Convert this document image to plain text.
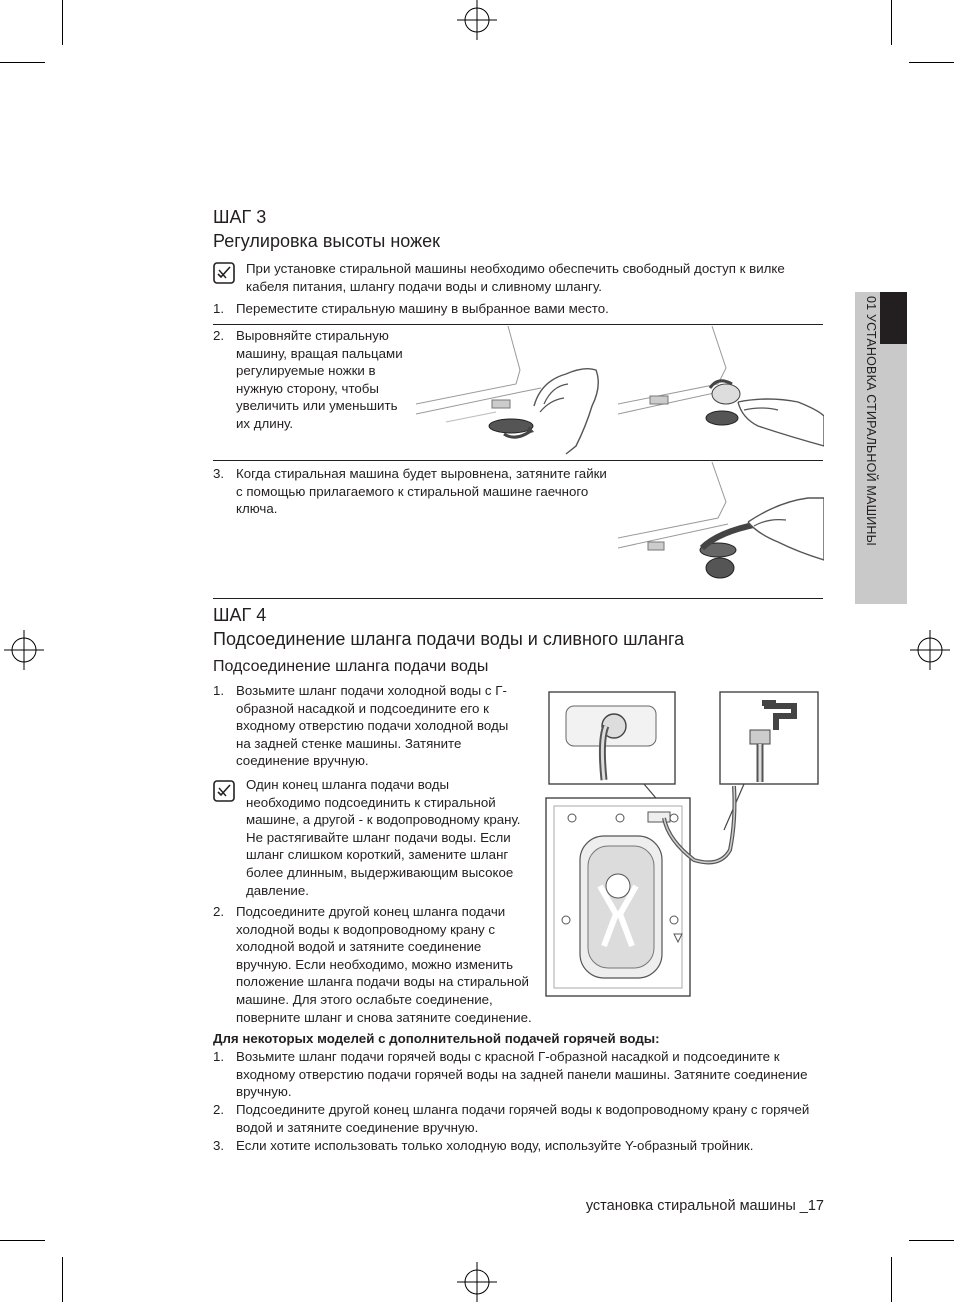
01 УСТАНОВКА СТИРАЛЬНОЙ МАШИНЫ
ШАГ 3
Регулировка высоты ножек
При установке стиральной машины необходимо обеспечить свободный доступ к вилке кабеля питания, шлангу подачи воды и сливному шлангу.
1. Переместите стиральную машину в выбранное вами место.
2. Выровняйте стиральную машину, вращая пальцами регулируемые ножки в нужную сторону, чтобы увеличить или уменьшить их длину.
3. Когда стиральная машина будет выровнена, затяните гайки с помощью прилагаемого к стиральной машине гаечного ключа.
ШАГ 4
Подсоединение шланга подачи воды и сливного шланга
Подсоединение шланга подачи воды
1. Возьмите шланг подачи холодной воды с Г-образной насадкой и подсоедините его к входному отверстию подачи холодной воды на задней стенке машины. Затяните соединение вручную.
Один конец шланга подачи воды необходимо подсоединить к стиральной машине, а другой - к водопроводному крану. Не растягивайте шланг подачи воды. Если шланг слишком короткий, замените шланг более длинным, выдерживающим высокое давление.
2. Подсоедините другой конец шланга подачи холодной воды к водопроводному крану с холодной водой и затяните соединение вручную. Если необходимо, можно изменить положение шланга подачи воды на стиральной машине. Для этого ослабьте соединение, поверните шланг и снова затяните соединение.
Для некоторых моделей с дополнительной подачей горячей воды:
1. Возьмите шланг подачи горячей воды с красной Г-образной насадкой и подсоедините к входному отверстию подачи горячей воды на задней панели машины. Затяните соединение вручную.
2. Подсоедините другой конец шланга подачи горячей воды к водопроводному крану с горячей водой и затяните соединение вручную.
3. Если хотите использовать только холодную воду, используйте Y-образный тройник.
установка стиральной машины _17
